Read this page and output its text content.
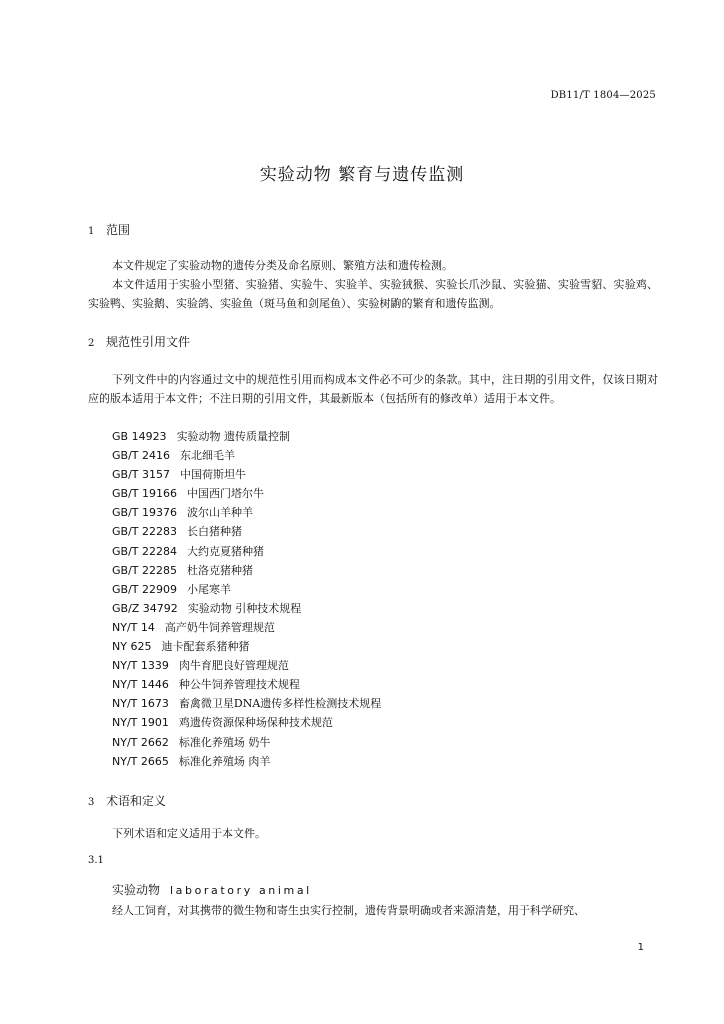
DB11/T 1804—2025
实验动物 繁育与遗传监测
1 范围
本文件规定了实验动物的遗传分类及命名原则、繁殖方法和遗传检测。
本文件适用于实验小型猪、实验猪、实验牛、实验羊、实验狨猴、实验长爪沙鼠、实验猫、实验雪貂、实验鸡、实验鸭、实验鹅、实验鸽、实验鱼（斑马鱼和剑尾鱼）、实验树鼩的繁育和遗传监测。
2 规范性引用文件
下列文件中的内容通过文中的规范性引用而构成本文件必不可少的条款。其中，注日期的引用文件，仅该日期对应的版本适用于本文件；不注日期的引用文件，其最新版本（包括所有的修改单）适用于本文件。
GB 14923 实验动物 遗传质量控制
GB/T 2416 东北细毛羊
GB/T 3157 中国荷斯坦牛
GB/T 19166 中国西门塔尔牛
GB/T 19376 波尔山羊种羊
GB/T 22283 长白猪种猪
GB/T 22284 大约克夏猪种猪
GB/T 22285 杜洛克猪种猪
GB/T 22909 小尾寒羊
GB/Z 34792 实验动物 引种技术规程
NY/T 14 高产奶牛饲养管理规范
NY 625 迪卡配套系猪种猪
NY/T 1339 肉牛育肥良好管理规范
NY/T 1446 种公牛饲养管理技术规程
NY/T 1673 畜禽微卫星DNA遗传多样性检测技术规程
NY/T 1901 鸡遗传资源保种场保种技术规范
NY/T 2662 标准化养殖场 奶牛
NY/T 2665 标准化养殖场 肉羊
3 术语和定义
下列术语和定义适用于本文件。
3.1
实验动物 laboratory animal
经人工饲育，对其携带的微生物和寄生虫实行控制，遗传背景明确或者来源清楚，用于科学研究、
1
